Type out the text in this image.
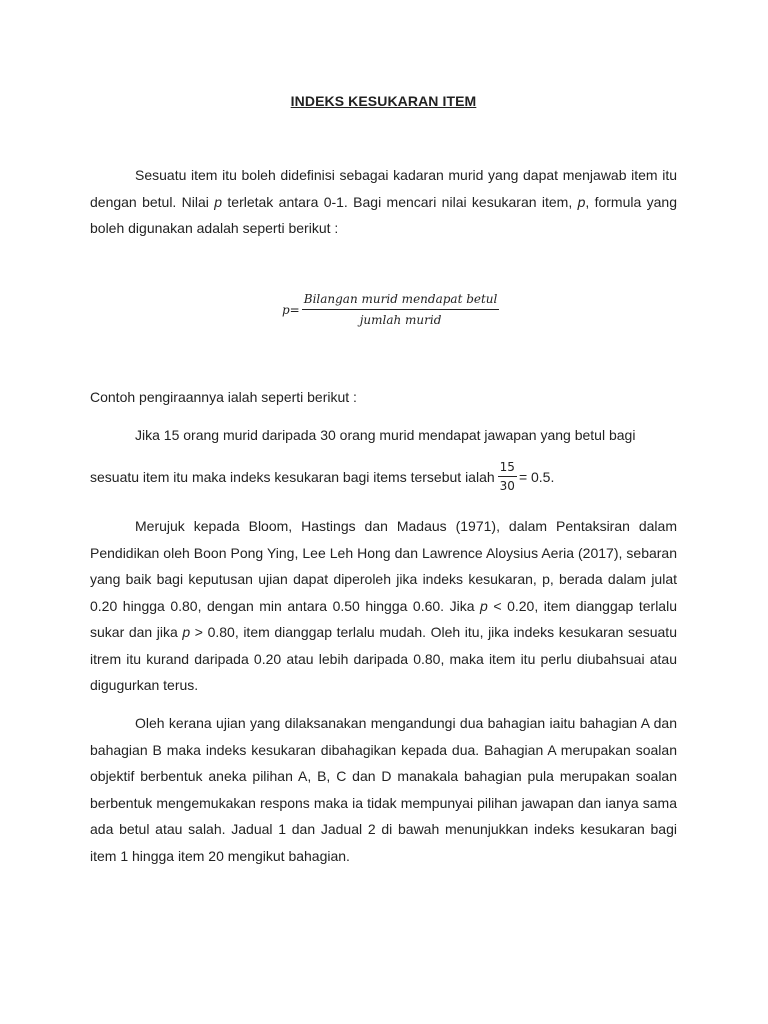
INDEKS KESUKARAN ITEM
Sesuatu item itu boleh didefinisi sebagai kadaran murid yang dapat menjawab item itu dengan betul. Nilai p terletak antara 0-1. Bagi mencari nilai kesukaran item, p, formula yang boleh digunakan adalah seperti berikut :
$p= \frac{\text{Bilangan murid mendapat betul}}{\text{jumlah murid}}$
Contoh pengiraannya ialah seperti berikut :
Jika 15 orang murid daripada 30 orang murid mendapat jawapan yang betul bagi
sesuatu item itu maka indeks kesukaran bagi items tersebut ialah $\frac{15}{30} = 0.5$.
Merujuk kepada Bloom, Hastings dan Madaus (1971), dalam Pentaksiran dalam Pendidikan oleh Boon Pong Ying, Lee Leh Hong dan Lawrence Aloysius Aeria (2017), sebaran yang baik bagi keputusan ujian dapat diperoleh jika indeks kesukaran, p, berada dalam julat 0.20 hingga 0.80, dengan min antara 0.50 hingga 0.60. Jika p < 0.20, item dianggap terlalu sukar dan jika p > 0.80, item dianggap terlalu mudah. Oleh itu, jika indeks kesukaran sesuatu itrem itu kurand daripada 0.20 atau lebih daripada 0.80, maka item itu perlu diubahsuai atau digugurkan terus.
Oleh kerana ujian yang dilaksanakan mengandungi dua bahagian iaitu bahagian A dan bahagian B maka indeks kesukaran dibahagikan kepada dua. Bahagian A merupakan soalan objektif berbentuk aneka pilihan A, B, C dan D manakala bahagian pula merupakan soalan berbentuk mengemukakan respons maka ia tidak mempunyai pilihan jawapan dan ianya sama ada betul atau salah. Jadual 1 dan Jadual 2 di bawah menunjukkan indeks kesukaran bagi item 1 hingga item 20 mengikut bahagian.
